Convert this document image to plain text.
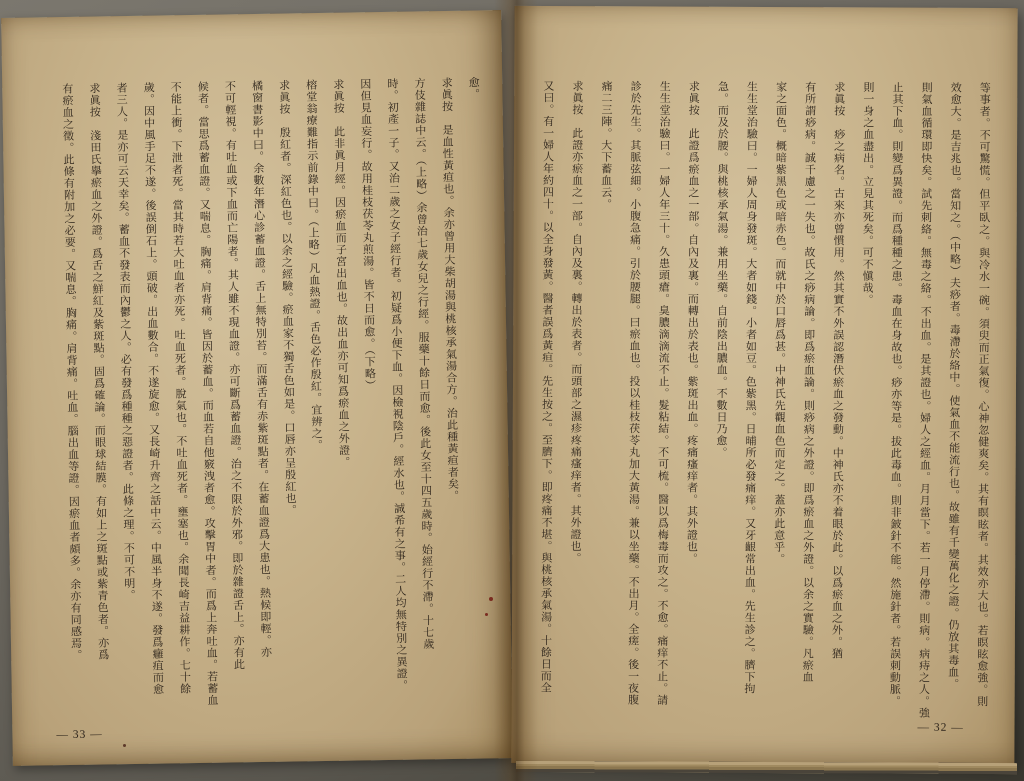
愈。
求眞按　是血性黃疸也。余亦曾用大柴胡湯與桃核承氣湯合方。治此種黃疸者矣。
方伎雜誌中云。（上略）余曾治七歲女兒之行經。服藥十餘日而愈。後此女至十四五歲時。始經行不滯。十七歲
時。初產一子。又治二歲之女子經行者。初疑爲小便下血。因檢視陰戶。經水也。誠希有之事。二人均無特別之異證。
因但見血妄行。故用桂枝茯苓丸煎湯。皆不日而愈。（下略）
求眞按　此非眞月經。因瘀血而子宮出血也。故出血亦可知爲瘀血之外證。
榕堂翁療難指示前錄中曰。（上略）凡血熱證。舌色必作殷紅。宜辨之。
求眞按　殷紅者。深紅色也。以余之經驗。瘀血家不獨舌色如是。口唇亦呈殷紅也。
橘窗書影中曰。余數年潛心診蓄血證。舌上無特別苔。而滿舌有赤紫斑點者。在蓄血證爲大患也。熱候即輕。亦
不可輕視。有吐血或下血而亡陽者。其人雖不現血證。亦可斷爲蓄血證。治之不限於外邪。即於雜證舌上。亦有此
候者。當思爲蓄血證。又喘息。胸痛。肩背痛。皆因於蓄血。而血若自他竅洩者愈。攻擊胃中者。而爲上奔吐血。若蓄血
不能上衝。下泄者死。當其時若大吐血者亦死。吐血死者。脫氣也。不吐血死者。壅塞也。余聞長崎吉益耕作。七十餘
歲。因中風手足不遂。後誤倒石上。頭破。出血數合。不遂旋愈。又長崎升齊之話中云。中風半身不遂。發爲癰疽而愈
者三人。是亦可云天幸矣。蓄血不發表而內鬱之人。必有發爲種種之惡證者。此條之理。不可不明。
求眞按　淺田氏擧瘀血之外證。爲舌之鮮紅及紫斑點。固爲確論。而眼球結膜。有如上之斑點或紫青色者。亦爲
有瘀血之徵。此條有附加之必要。又喘息。胸痛。肩背痛。吐血。腦出血等證。因瘀血者頗多。余亦有同感焉。
— 33 —
等事者。不可驚慌。但平臥之。與冷水一碗。須臾而正氣復。心神忽健爽矣。其有瞑眩者。其效亦大也。若瞑眩愈強。則
效愈大。是吉兆也。當知之。（中略）夫痧者。毒滯於絡中。使氣血不能流行也。故雖有千變萬化之證。仍放其毒血。
則氣血循環即快矣。試先刺絡。無毒之絡。不出血。是其證也。婦人之經血。月月當下。若一月停滯。則病。病痔之人。強
止其下血。則變爲異證。而爲種種之患。毒血在身故也。痧亦等是。拔此毒血。則非鈹針不能。然施針者。若誤刺動脈。
則一身之血盡出。立見其死矣。可不愼哉。
求眞按　痧之病名。古來亦曾慣用。然其實不外誤認潛伏瘀血之發動。中神氏亦不着眼於此。以爲瘀血之外。猶
有所謂痧病。誠千慮之一失也。故氏之痧病論。即爲瘀血論。則痧病之外證。即爲瘀血之外證。以余之實驗。凡瘀血
家之面色。概暗紫黑色或暗赤色。而就中於口唇爲甚。中神氏先觀血色而定之。蓋亦此意乎。
生生堂治驗曰。一婦人周身發斑。大者如錢。小者如豆。色紫黑。日晡所必發痛痒。又牙齦常出血。先生診之。臍下拘
急。而及於腰。與桃核承氣湯。兼用坐藥。自前陰出膿血。不數日乃愈。
求眞按　此證爲瘀血之一部。自內及裏。而轉出於表也。紫斑出血。疼痛瘙痒者。其外證也。
生生堂治驗曰。一婦人年三十。久患頭瘡。臭膿滴滴流不止。髮粘結。不可梳。醫以爲梅毒而攻之。不愈。痛痒不止。請
診於先生。其脈弦細。小腹急痛。引於腰腿。曰瘀血也。投以桂枝茯苓丸加大黃湯。兼以坐藥。不出月。全瘥。後一夜腹
痛二三陣。大下蓄血云。
求眞按　此證亦瘀血之一部。自內及裏。轉出於表者。而頭部之濕疹疼痛瘙痒者。其外證也。
又曰。有一婦人年約四十。以全身發黃。醫者誤爲黃疸。先生按之。至臍下。即疼痛不堪。與桃核承氣湯。十餘日而全
— 32 —
